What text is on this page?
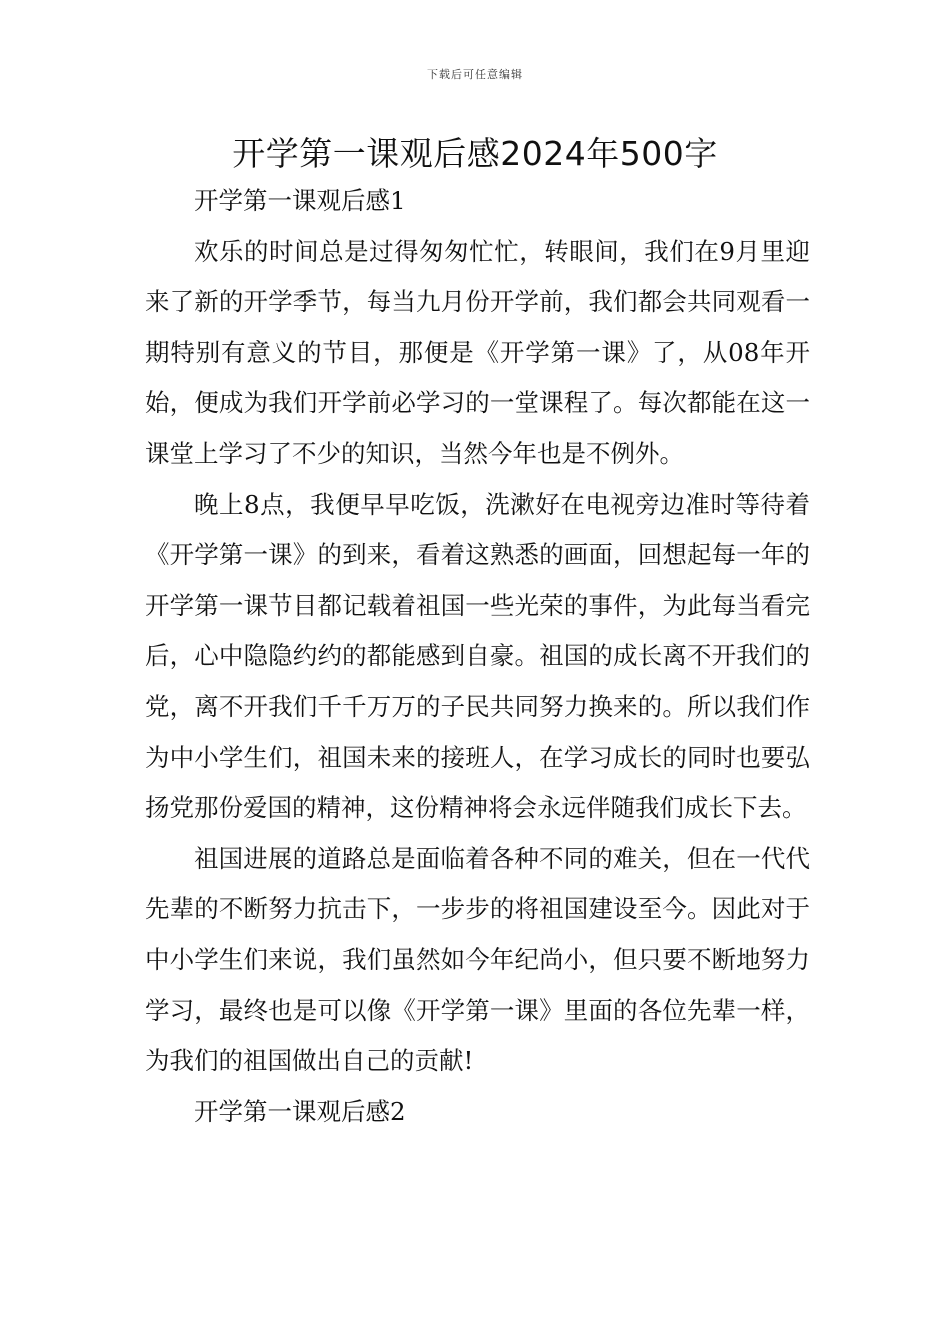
下载后可任意编辑
开学第一课观后感2024年500字

开学第一课观后感1

欢乐的时间总是过得匆匆忙忙，转眼间，我们在9月里迎来了新的开学季节，每当九月份开学前，我们都会共同观看一期特别有意义的节目，那便是《开学第一课》了，从08年开始，便成为我们开学前必学习的一堂课程了。每次都能在这一课堂上学习了不少的知识，当然今年也是不例外。

晚上8点，我便早早吃饭，洗漱好在电视旁边准时等待着《开学第一课》的到来，看着这熟悉的画面，回想起每一年的开学第一课节目都记载着祖国一些光荣的事件，为此每当看完后，心中隐隐约约的都能感到自豪。祖国的成长离不开我们的党，离不开我们千千万万的子民共同努力换来的。所以我们作为中小学生们，祖国未来的接班人，在学习成长的同时也要弘扬党那份爱国的精神，这份精神将会永远伴随我们成长下去。

祖国进展的道路总是面临着各种不同的难关，但在一代代先辈的不断努力抗击下，一步步的将祖国建设至今。因此对于中小学生们来说，我们虽然如今年纪尚小，但只要不断地努力学习，最终也是可以像《开学第一课》里面的各位先辈一样，为我们的祖国做出自己的贡献!

开学第一课观后感2
